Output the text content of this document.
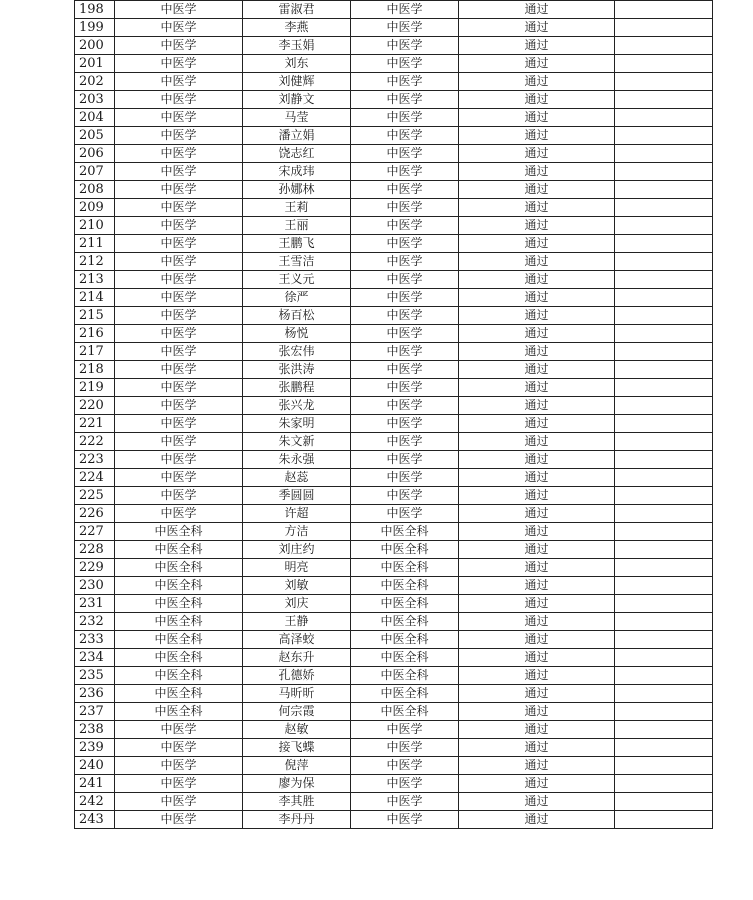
198	中医学	雷淑君	中医学	通过	
199	中医学	李燕	中医学	通过	
200	中医学	李玉娟	中医学	通过	
201	中医学	刘东	中医学	通过	
202	中医学	刘健辉	中医学	通过	
203	中医学	刘静文	中医学	通过	
204	中医学	马莹	中医学	通过	
205	中医学	潘立娟	中医学	通过	
206	中医学	饶志红	中医学	通过	
207	中医学	宋成玮	中医学	通过	
208	中医学	孙娜林	中医学	通过	
209	中医学	王莉	中医学	通过	
210	中医学	王丽	中医学	通过	
211	中医学	王鹏飞	中医学	通过	
212	中医学	王雪洁	中医学	通过	
213	中医学	王义元	中医学	通过	
214	中医学	徐严	中医学	通过	
215	中医学	杨百松	中医学	通过	
216	中医学	杨悦	中医学	通过	
217	中医学	张宏伟	中医学	通过	
218	中医学	张洪涛	中医学	通过	
219	中医学	张鹏程	中医学	通过	
220	中医学	张兴龙	中医学	通过	
221	中医学	朱家明	中医学	通过	
222	中医学	朱文新	中医学	通过	
223	中医学	朱永强	中医学	通过	
224	中医学	赵蕊	中医学	通过	
225	中医学	季圆圆	中医学	通过	
226	中医学	许超	中医学	通过	
227	中医全科	方洁	中医全科	通过	
228	中医全科	刘庄约	中医全科	通过	
229	中医全科	明亮	中医全科	通过	
230	中医全科	刘敏	中医全科	通过	
231	中医全科	刘庆	中医全科	通过	
232	中医全科	王静	中医全科	通过	
233	中医全科	高泽蛟	中医全科	通过	
234	中医全科	赵东升	中医全科	通过	
235	中医全科	孔德娇	中医全科	通过	
236	中医全科	马昕昕	中医全科	通过	
237	中医全科	何宗霞	中医全科	通过	
238	中医学	赵敏	中医学	通过	
239	中医学	接飞蝶	中医学	通过	
240	中医学	倪萍	中医学	通过	
241	中医学	廖为保	中医学	通过	
242	中医学	李其胜	中医学	通过	
243	中医学	李丹丹	中医学	通过	
